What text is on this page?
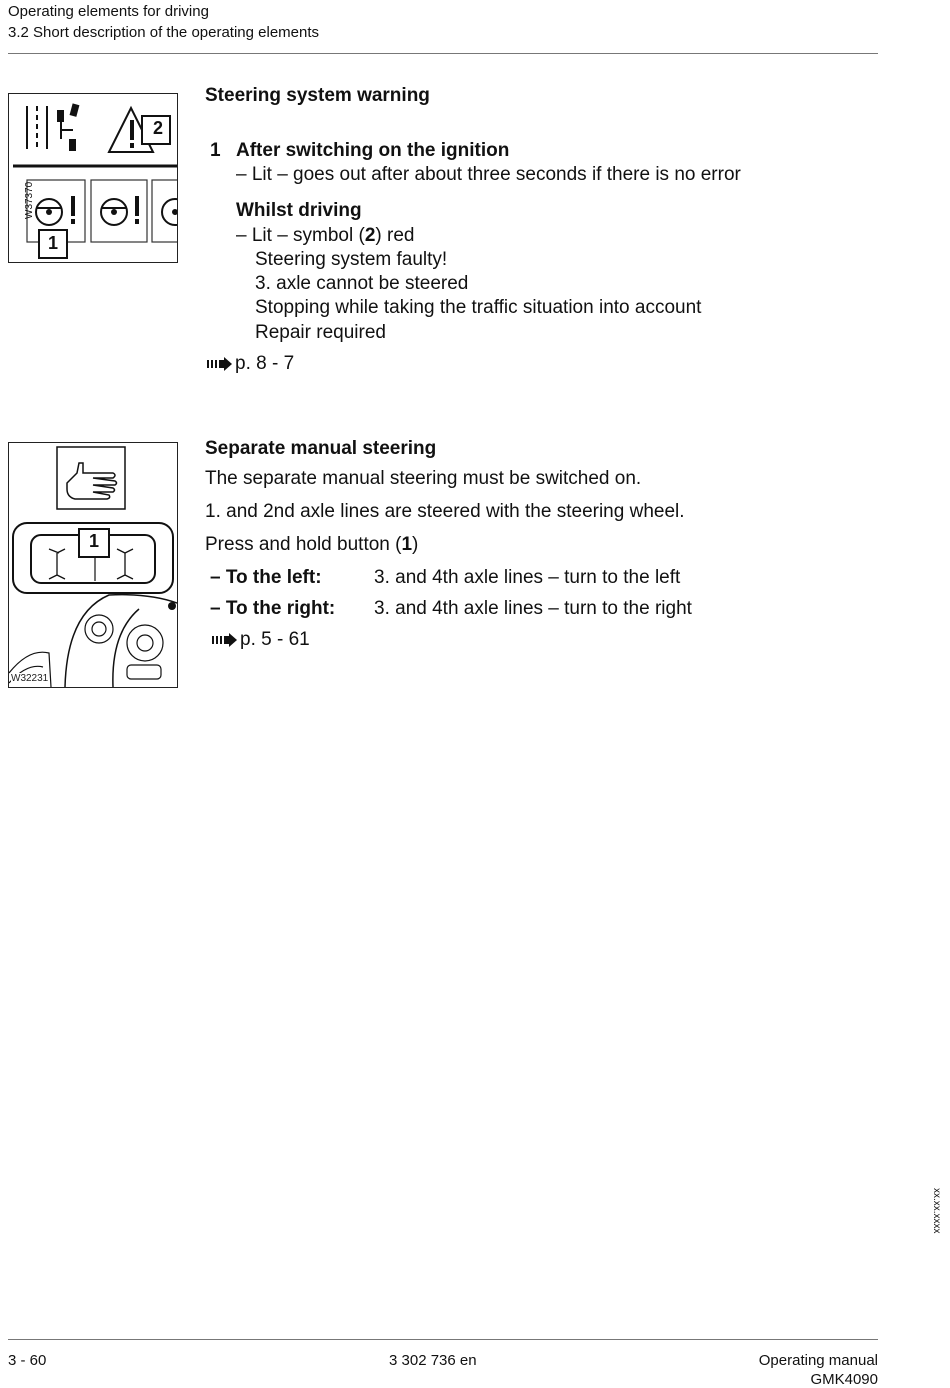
Operating elements for driving
3.2 Short description of the operating elements
2
1
W37370
Steering system warning
1 After switching on the ignition
– Lit – goes out after about three seconds if there is no error
Whilst driving
– Lit – symbol (2) red
Steering system faulty!
3. axle cannot be steered
Stopping while taking the traffic situation into account
Repair required
p. 8 - 7
1
W32231
Separate manual steering
The separate manual steering must be switched on.
1. and 2nd axle lines are steered with the steering wheel.
Press and hold button (1)
– To the left:	3. and 4th axle lines – turn to the left
– To the right: 3. and 4th axle lines – turn to the right
p. 5 - 61
xx.xx.xxxx
3 - 60	3 302 736 en	Operating manual
GMK4090
